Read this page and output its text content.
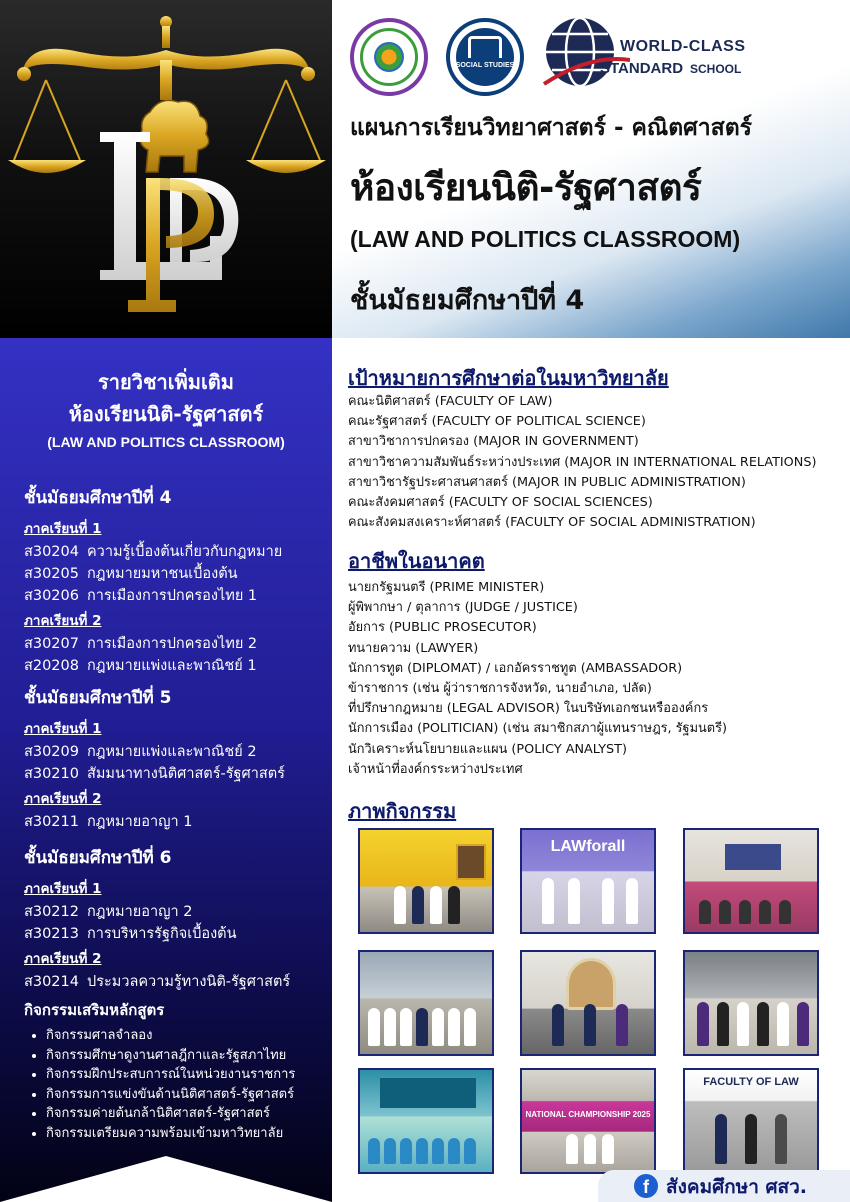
SOCIAL STUDIES
WORLD-CLASS
STANDARD SCHOOL
แผนการเรียนวิทยาศาสตร์ - คณิตศาสตร์
ห้องเรียนนิติ-รัฐศาสตร์
(LAW AND POLITICS CLASSROOM)
ชั้นมัธยมศึกษาปีที่ 4
รายวิชาเพิ่มเติม
ห้องเรียนนิติ-รัฐศาสตร์
(LAW AND POLITICS CLASSROOM)
ชั้นมัธยมศึกษาปีที่ 4
ภาคเรียนที่ 1
ส30204 ความรู้เบื้องต้นเกี่ยวกับกฎหมาย
ส30205 กฎหมายมหาชนเบื้องต้น
ส30206 การเมืองการปกครองไทย 1
ภาคเรียนที่ 2
ส30207 การเมืองการปกครองไทย 2
ส20208 กฎหมายแพ่งและพาณิชย์ 1
ชั้นมัธยมศึกษาปีที่ 5
ภาคเรียนที่ 1
ส30209 กฎหมายแพ่งและพาณิชย์ 2
ส30210 สัมมนาทางนิติศาสตร์-รัฐศาสตร์
ภาคเรียนที่ 2
ส30211 กฎหมายอาญา 1
ชั้นมัธยมศึกษาปีที่ 6
ภาคเรียนที่ 1
ส30212 กฎหมายอาญา 2
ส30213 การบริหารรัฐกิจเบื้องต้น
ภาคเรียนที่ 2
ส30214 ประมวลความรู้ทางนิติ-รัฐศาสตร์
กิจกรรมเสริมหลักสูตร
• กิจกรรมศาลจำลอง
• กิจกรรมศึกษาดูงานศาลฎีกาและรัฐสภาไทย
• กิจกรรมฝึกประสบการณ์ในหน่วยงานราชการ
• กิจกรรมการแข่งขันด้านนิติศาสตร์-รัฐศาสตร์
• กิจกรรมค่ายต้นกล้านิติศาสตร์-รัฐศาสตร์
• กิจกรรมเตรียมความพร้อมเข้ามหาวิทยาลัย
เป้าหมายการศึกษาต่อในมหาวิทยาลัย
คณะนิติศาสตร์ (FACULTY OF LAW)
คณะรัฐศาสตร์ (FACULTY OF POLITICAL SCIENCE)
สาขาวิชาการปกครอง (MAJOR IN GOVERNMENT)
สาขาวิชาความสัมพันธ์ระหว่างประเทศ (MAJOR IN INTERNATIONAL RELATIONS)
สาขาวิชารัฐประศาสนศาสตร์ (MAJOR IN PUBLIC ADMINISTRATION)
คณะสังคมศาสตร์ (FACULTY OF SOCIAL SCIENCES)
คณะสังคมสงเคราะห์ศาสตร์ (FACULTY OF SOCIAL ADMINISTRATION)
อาชีพในอนาคต
นายกรัฐมนตรี (PRIME MINISTER)
ผู้พิพากษา / ตุลาการ (JUDGE / JUSTICE)
อัยการ (PUBLIC PROSECUTOR)
ทนายความ (LAWYER)
นักการทูต (DIPLOMAT) / เอกอัครราชทูต (AMBASSADOR)
ข้าราชการ (เช่น ผู้ว่าราชการจังหวัด, นายอำเภอ, ปลัด)
ที่ปรึกษากฎหมาย (LEGAL ADVISOR) ในบริษัทเอกชนหรือองค์กร
นักการเมือง (POLITICIAN) (เช่น สมาชิกสภาผู้แทนราษฎร, รัฐมนตรี)
นักวิเคราะห์นโยบายและแผน (POLICY ANALYST)
เจ้าหน้าที่องค์กรระหว่างประเทศ
ภาพกิจกรรม
LAWforall
NATIONAL CHAMPIONSHIP 2025
FACULTY OF LAW
f สังคมศึกษา ศสว.
